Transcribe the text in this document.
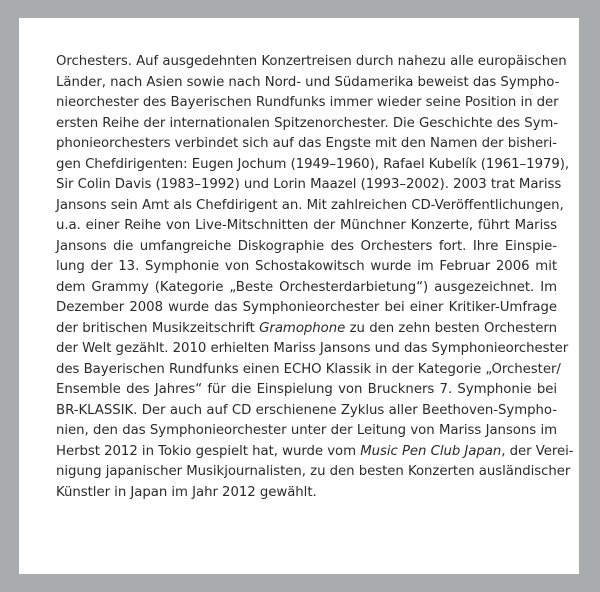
Orchesters. Auf ausgedehnten Konzertreisen durch nahezu alle europäischen
Länder, nach Asien sowie nach Nord- und Südamerika beweist das Sympho-
nieorchester des Bayerischen Rundfunks immer wieder seine Position in der
ersten Reihe der internationalen Spitzenorchester. Die Geschichte des Sym-
phonieorchesters verbindet sich auf das Engste mit den Namen der bisheri-
gen Chefdirigenten: Eugen Jochum (1949–1960), Rafael Kubelík (1961–1979),
Sir Colin Davis (1983–1992) und Lorin Maazel (1993–2002). 2003 trat Mariss
Jansons sein Amt als Chefdirigent an. Mit zahlreichen CD-Veröffentlichungen,
u.a. einer Reihe von Live-Mitschnitten der Münchner Konzerte, führt Mariss
Jansons die umfangreiche Diskographie des Orchesters fort. Ihre Einspie-
lung der 13. Symphonie von Schostakowitsch wurde im Februar 2006 mit
dem Grammy (Kategorie „Beste Orchesterdarbietung“) ausgezeichnet. Im
Dezember 2008 wurde das Symphonieorchester bei einer Kritiker-Umfrage
der britischen Musikzeitschrift Gramophone zu den zehn besten Orchestern
der Welt gezählt. 2010 erhielten Mariss Jansons und das Symphonieorchester
des Bayerischen Rundfunks einen ECHO Klassik in der Kategorie „Orchester/
Ensemble des Jahres“ für die Einspielung von Bruckners 7. Symphonie bei
BR-KLASSIK. Der auch auf CD erschienene Zyklus aller Beethoven-Sympho-
nien, den das Symphonieorchester unter der Leitung von Mariss Jansons im
Herbst 2012 in Tokio gespielt hat, wurde vom Music Pen Club Japan, der Verei-
nigung japanischer Musikjournalisten, zu den besten Konzerten ausländischer
Künstler in Japan im Jahr 2012 gewählt.
